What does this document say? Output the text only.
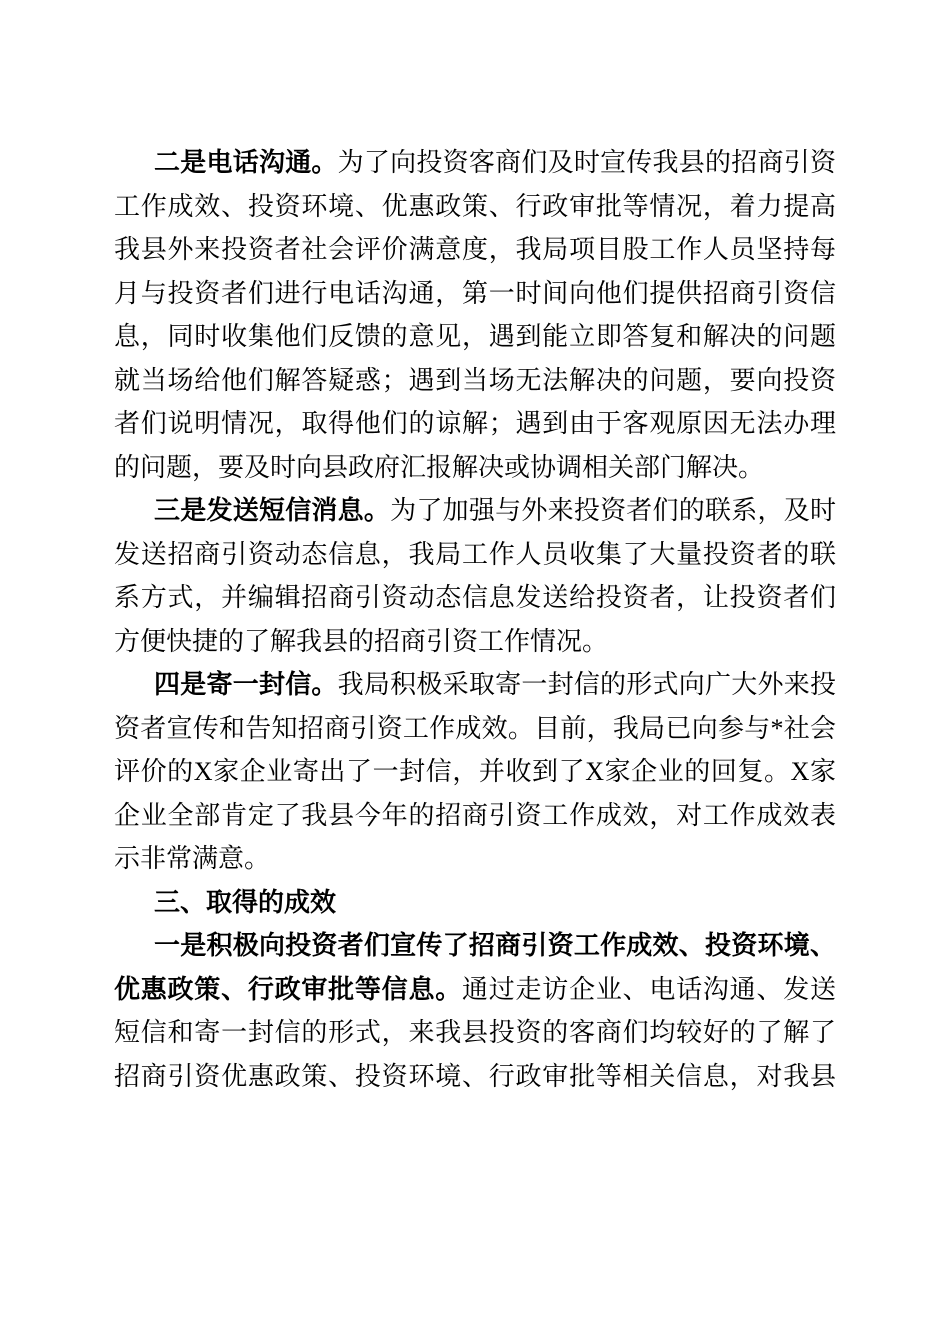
二是电话沟通。为了向投资客商们及时宣传我县的招商引资工作成效、投资环境、优惠政策、行政审批等情况，着力提高我县外来投资者社会评价满意度，我局项目股工作人员坚持每月与投资者们进行电话沟通，第一时间向他们提供招商引资信息，同时收集他们反馈的意见，遇到能立即答复和解决的问题就当场给他们解答疑惑；遇到当场无法解决的问题，要向投资者们说明情况，取得他们的谅解；遇到由于客观原因无法办理的问题，要及时向县政府汇报解决或协调相关部门解决。

三是发送短信消息。为了加强与外来投资者们的联系，及时发送招商引资动态信息，我局工作人员收集了大量投资者的联系方式，并编辑招商引资动态信息发送给投资者，让投资者们方便快捷的了解我县的招商引资工作情况。

四是寄一封信。我局积极采取寄一封信的形式向广大外来投资者宣传和告知招商引资工作成效。目前，我局已向参与*社会评价的X家企业寄出了一封信，并收到了X家企业的回复。X家企业全部肯定了我县今年的招商引资工作成效，对工作成效表示非常满意。

三、取得的成效

一是积极向投资者们宣传了招商引资工作成效、投资环境、优惠政策、行政审批等信息。通过走访企业、电话沟通、发送短信和寄一封信的形式，来我县投资的客商们均较好的了解了招商引资优惠政策、投资环境、行政审批等相关信息，对我县
